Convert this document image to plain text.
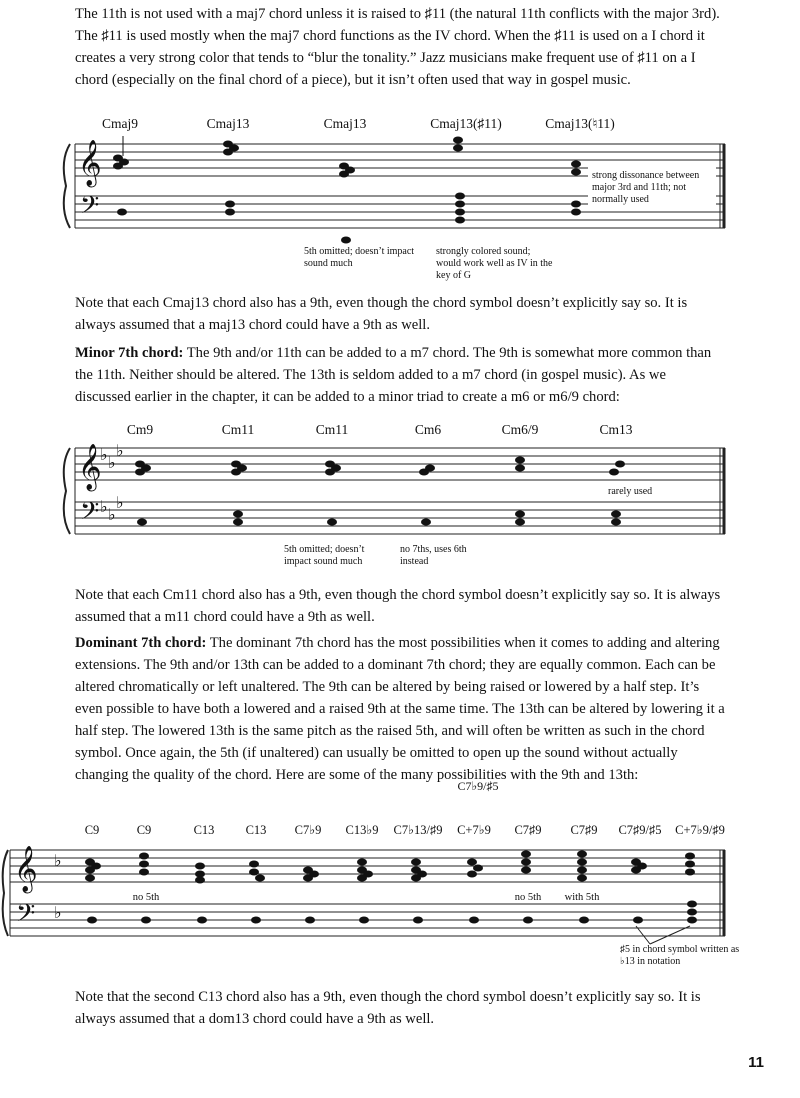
The 11th is not used with a maj7 chord unless it is raised to ♯11 (the natural 11th conflicts with the major 3rd). The ♯11 is used mostly when the maj7 chord functions as the IV chord. When the ♯11 is used on a I chord it creates a very strong color that tends to “blur the tonality.” Jazz musicians make frequent use of ♯11 on a I chord (especially on the final chord of a piece), but it isn’t often used that way in gospel music.

Cmaj9	Cmaj13	Cmaj13	Cmaj13(♯11)	Cmaj13(♮11)
𝄞
𝄢
5th omitted; doesn’t impact sound much
strongly colored sound; would work well as IV in the key of G
strong dissonance between major 3rd and 11th; not normally used

Note that each Cmaj13 chord also has a 9th, even though the chord symbol doesn’t explicitly say so. It is always assumed that a maj13 chord could have a 9th as well.

Minor 7th chord: The 9th and/or 11th can be added to a m7 chord. The 9th is somewhat more common than the 11th. Neither should be altered. The 13th is seldom added to a m7 chord (in gospel music). As we discussed earlier in the chapter, it can be added to a minor triad to create a m6 or m6/9 chord:

Cm9	Cm11	Cm11	Cm6	Cm6/9	Cm13
𝄞
𝄢
♭ ♭
♭
♭ ♭
♭
5th omitted; doesn’t impact sound much
no 7ths, uses 6th instead
rarely used

Note that each Cm11 chord also has a 9th, even though the chord symbol doesn’t explicitly say so. It is always assumed that a m11 chord could have a 9th as well.

Dominant 7th chord: The dominant 7th chord has the most possibilities when it comes to adding and altering extensions. The 9th and/or 13th can be added to a dominant 7th chord; they are equally common. Each can be altered chromatically or left unaltered. The 9th can be altered by being raised or lowered by a half step. It’s even possible to have both a lowered and a raised 9th at the same time. The 13th can be altered by lowering it a half step. The lowered 13th is the same pitch as the raised 5th, and will often be written as such in the chord symbol. Once again, the 5th (if unaltered) can usually be omitted to open up the sound without actually changing the quality of the chord. Here are some of the many possibilities with the 9th and 13th:

C7♭9/♯5
C9	C9	C13 C13 C7♭9 C13♭9 C7♭13/♯9 C+7♭9 C7♯9 C7♯9 C7♯9/♯5 C+7♭9/♯9
𝄞
𝄢
♭
♭
no 5th	no 5th with 5th
♯5 in chord symbol written as ♭13 in notation

Note that the second C13 chord also has a 9th, even though the chord symbol doesn’t explicitly say so. It is always assumed that a dom13 chord could have a 9th as well.

11
